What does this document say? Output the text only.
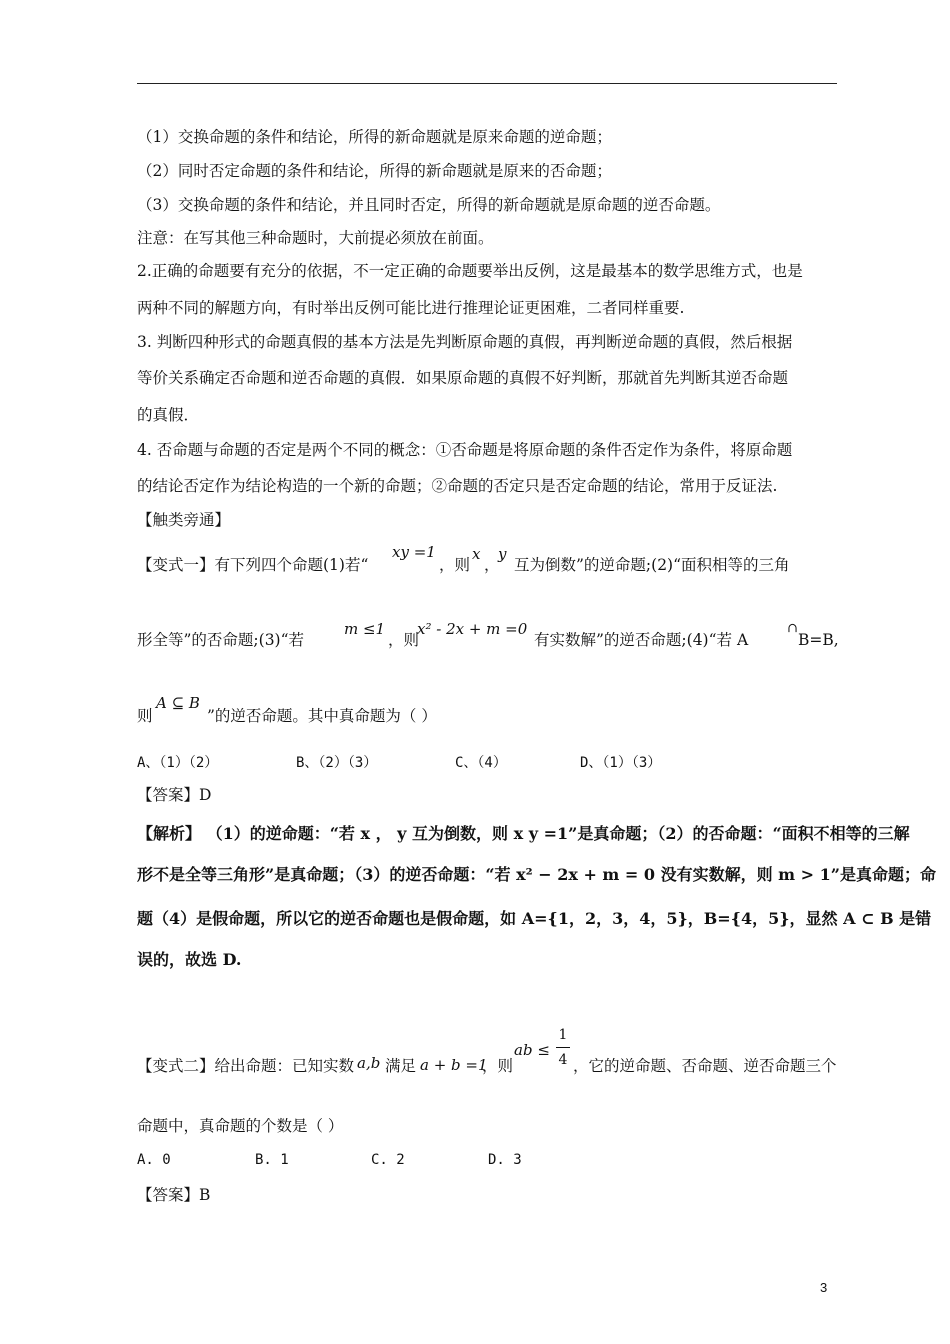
（1）交换命题的条件和结论，所得的新命题就是原来命题的逆命题；
（2）同时否定命题的条件和结论，所得的新命题就是原来的否命题；
（3）交换命题的条件和结论，并且同时否定，所得的新命题就是原命题的逆否命题。
注意：在写其他三种命题时，大前提必须放在前面。
2.正确的命题要有充分的依据，不一定正确的命题要举出反例，这是最基本的数学思维方式，也是
两种不同的解题方向，有时举出反例可能比进行推理论证更困难，二者同样重要.
3. 判断四种形式的命题真假的基本方法是先判断原命题的真假，再判断逆命题的真假，然后根据
等价关系确定否命题和逆否命题的真假．如果原命题的真假不好判断，那就首先判断其逆否命题
的真假．
4. 否命题与命题的否定是两个不同的概念：①否命题是将原命题的条件否定作为条件，将原命题
的结论否定作为结论构造的一个新的命题；②命题的否定只是否定命题的结论，常用于反证法.
【触类旁通】
【变式一】有下列四个命题(1)若“
xy =1
，则
x
，
y
互为倒数”的逆命题;(2)“面积相等的三角
形全等”的否命题;(3)“若
m ≤1
，则
x² - 2x + m =0
有实数解”的逆否命题;(4)“若 A
∩
B=B,
则
A ⊆ B
”的逆否命题。其中真命题为（ ）
A、（1）（2）	B、（2）（3）	C、（4）	D、（1）（3）
【答案】D
【解析】 （1）的逆命题：“若 x ， y 互为倒数，则 x y =1”是真命题；（2）的否命题：“面积不相等的三解
形不是全等三角形”是真命题；（3）的逆否命题：“若 x² − 2x + m = 0 没有实数解，则 m > 1”是真命题；命
题（4）是假命题，所以它的逆否命题也是假命题，如 A={1，2，3，4，5}，B={4，5}，显然 A ⊂ B 是错
误的，故选 D.
【变式二】给出命题：已知实数 a,b 满足 a + b =1
，则
ab ≤
1
4 ，它的逆命题、否命题、逆否命题三个
命题中，真命题的个数是（ ）
A. 0	B. 1	C. 2	D. 3
【答案】B
3
